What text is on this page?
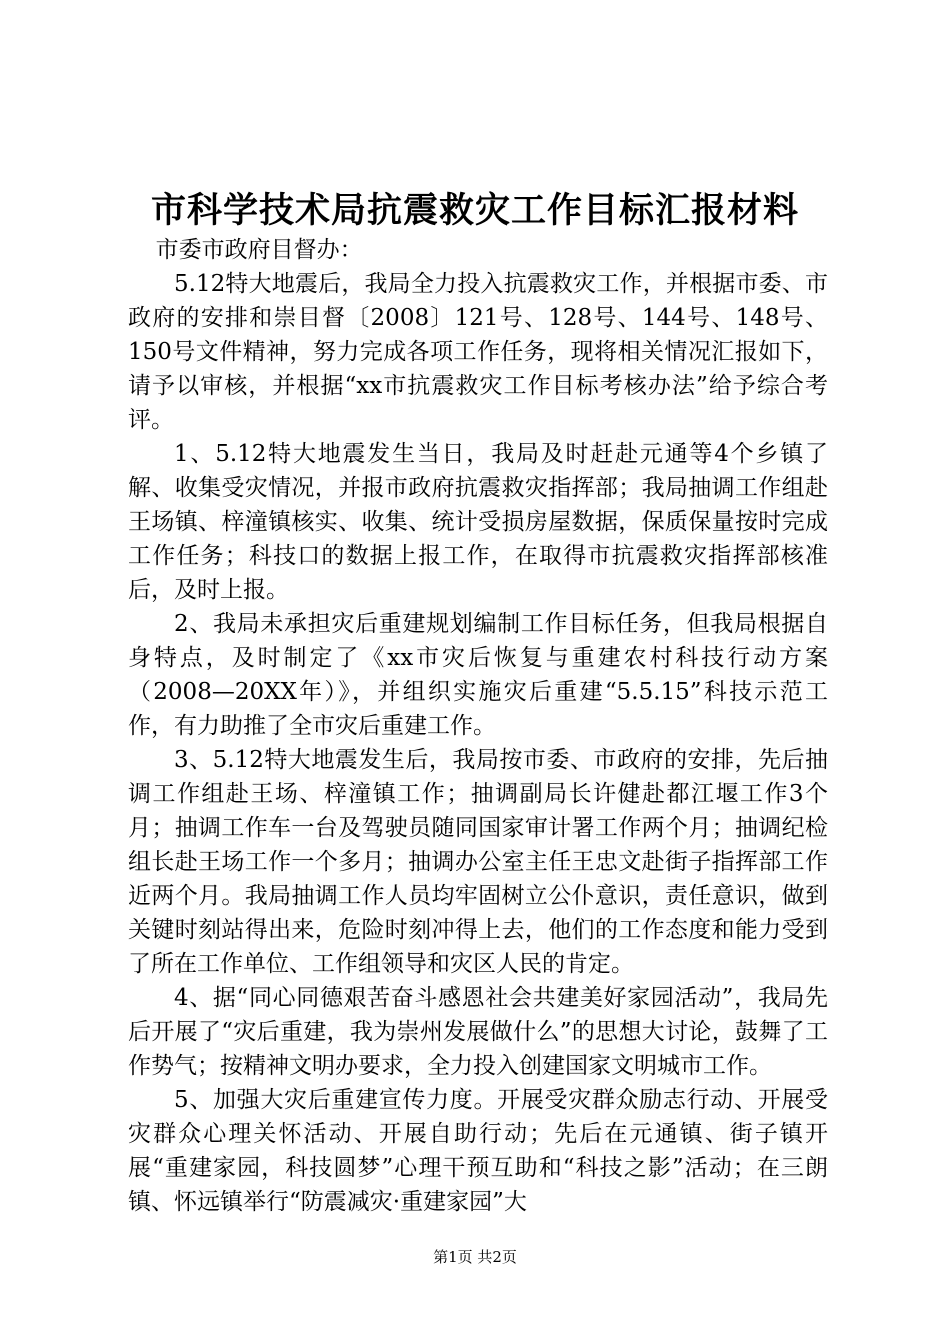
市科学技术局抗震救灾工作目标汇报材料

市委市政府目督办：

5.12特大地震后，我局全力投入抗震救灾工作，并根据市委、市政府的安排和崇目督〔2008〕121号、128号、144号、148号、150号文件精神，努力完成各项工作任务，现将相关情况汇报如下，请予以审核，并根据“xx市抗震救灾工作目标考核办法”给予综合考评。

1、5.12特大地震发生当日，我局及时赶赴元通等4个乡镇了解、收集受灾情况，并报市政府抗震救灾指挥部；我局抽调工作组赴王场镇、梓潼镇核实、收集、统计受损房屋数据，保质保量按时完成工作任务；科技口的数据上报工作，在取得市抗震救灾指挥部核准后，及时上报。

2、我局未承担灾后重建规划编制工作目标任务，但我局根据自身特点，及时制定了《xx市灾后恢复与重建农村科技行动方案（2008—20XX年）》，并组织实施灾后重建“5.5.15”科技示范工作，有力助推了全市灾后重建工作。

3、5.12特大地震发生后，我局按市委、市政府的安排，先后抽调工作组赴王场、梓潼镇工作；抽调副局长许健赴都江堰工作3个月；抽调工作车一台及驾驶员随同国家审计署工作两个月；抽调纪检组长赴王场工作一个多月；抽调办公室主任王忠文赴街子指挥部工作近两个月。我局抽调工作人员均牢固树立公仆意识，责任意识，做到关键时刻站得出来，危险时刻冲得上去，他们的工作态度和能力受到了所在工作单位、工作组领导和灾区人民的肯定。

4、据“同心同德艰苦奋斗感恩社会共建美好家园活动”，我局先后开展了“灾后重建，我为崇州发展做什么”的思想大讨论，鼓舞了工作势气；按精神文明办要求，全力投入创建国家文明城市工作。

5、加强大灾后重建宣传力度。开展受灾群众励志行动、开展受灾群众心理关怀活动、开展自助行动；先后在元通镇、街子镇开展“重建家园，科技圆梦”心理干预互助和“科技之影”活动；在三朗镇、怀远镇举行“防震减灾·重建家园”大

第1页 共2页
